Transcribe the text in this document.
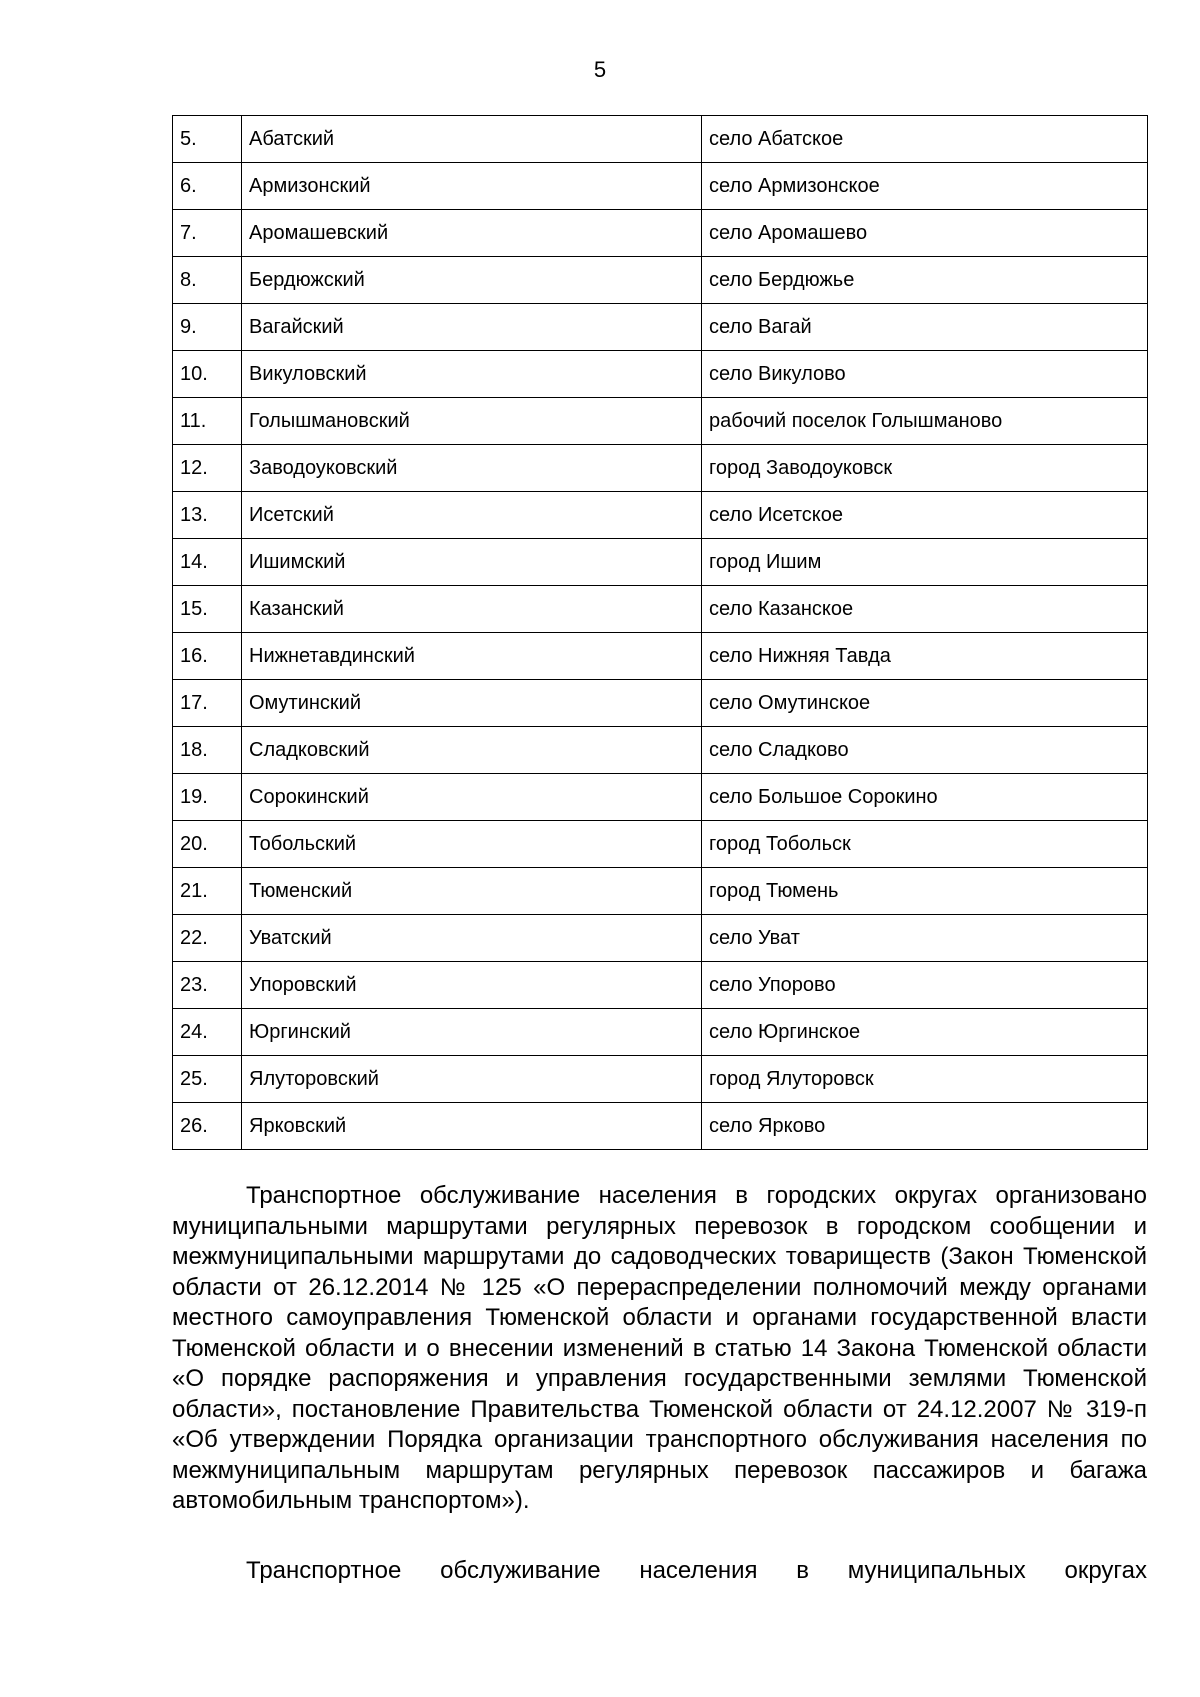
5
5.	Абатский	село Абатское
6.	Армизонский	село Армизонское
7.	Аромашевский	село Аромашево
8.	Бердюжский	село Бердюжье
9.	Вагайский	село Вагай
10.	Викуловский	село Викулово
11.	Голышмановский	рабочий поселок Голышманово
12.	Заводоуковский	город Заводоуковск
13.	Исетский	село Исетское
14.	Ишимский	город Ишим
15.	Казанский	село Казанское
16.	Нижнетавдинский	село Нижняя Тавда
17.	Омутинский	село Омутинское
18.	Сладковский	село Сладково
19.	Сорокинский	село Большое Сорокино
20.	Тобольский	город Тобольск
21.	Тюменский	город Тюмень
22.	Уватский	село Уват
23.	Упоровский	село Упорово
24.	Юргинский	село Юргинское
25.	Ялуторовский	город Ялуторовск
26.	Ярковский	село Ярково

Транспортное обслуживание населения в городских округах организовано муниципальными маршрутами регулярных перевозок в городском сообщении и межмуниципальными маршрутами до садоводческих товариществ (Закон Тюменской области от 26.12.2014 № 125 «О перераспределении полномочий между органами местного самоуправления Тюменской области и органами государственной власти Тюменской области и о внесении изменений в статью 14 Закона Тюменской области «О порядке распоряжения и управления государственными землями Тюменской области», постановление Правительства Тюменской области от 24.12.2007 № 319-п «Об утверждении Порядка организации транспортного обслуживания населения по межмуниципальным маршрутам регулярных перевозок пассажиров и багажа автомобильным транспортом»).

Транспортное обслуживание населения в муниципальных округах
